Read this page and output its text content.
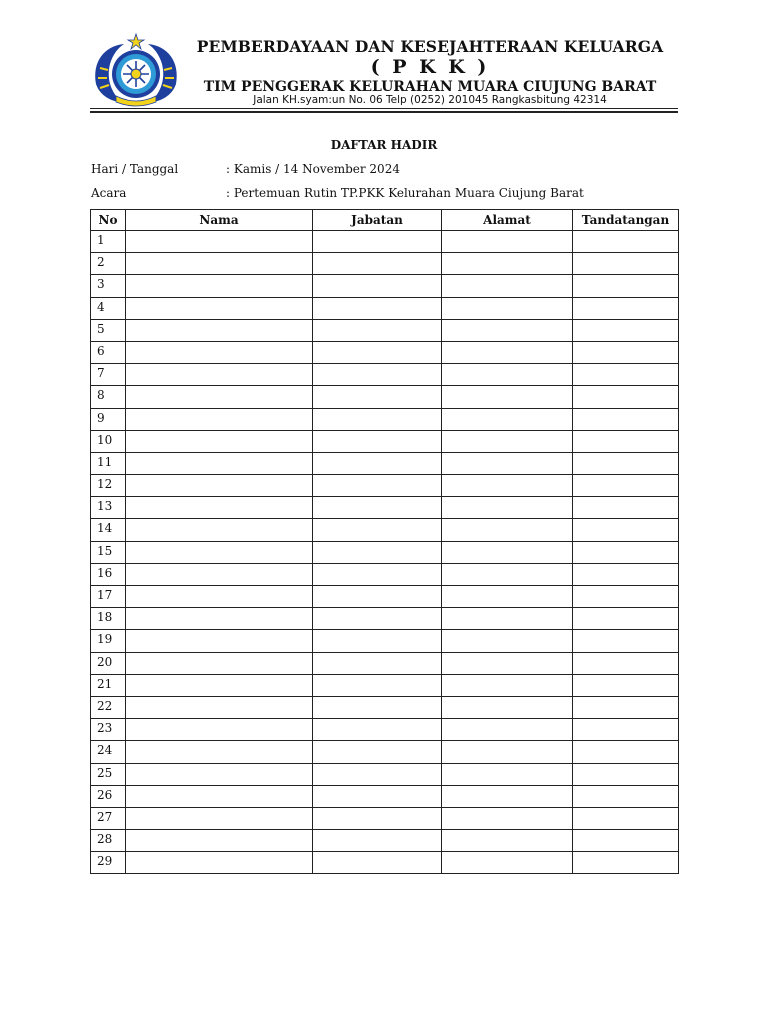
PEMBERDAYAAN DAN KESEJAHTERAAN KELUARGA
( P K K )
TIM PENGGERAK KELURAHAN MUARA CIUJUNG BARAT
Jalan KH.syam:un No. 06 Telp (0252) 201045 Rangkasbitung 42314
DAFTAR HADIR
Hari / Tanggal	: Kamis / 14 November 2024
Acara	: Pertemuan Rutin TP.PKK Kelurahan Muara Ciujung Barat
No	Nama	Jabatan	Alamat	Tandatangan
1				
2				
3				
4				
5				
6				
7				
8				
9				
10				
11				
12				
13				
14				
15				
16				
17				
18				
19				
20				
21				
22				
23				
24				
25				
26				
27				
28				
29				
